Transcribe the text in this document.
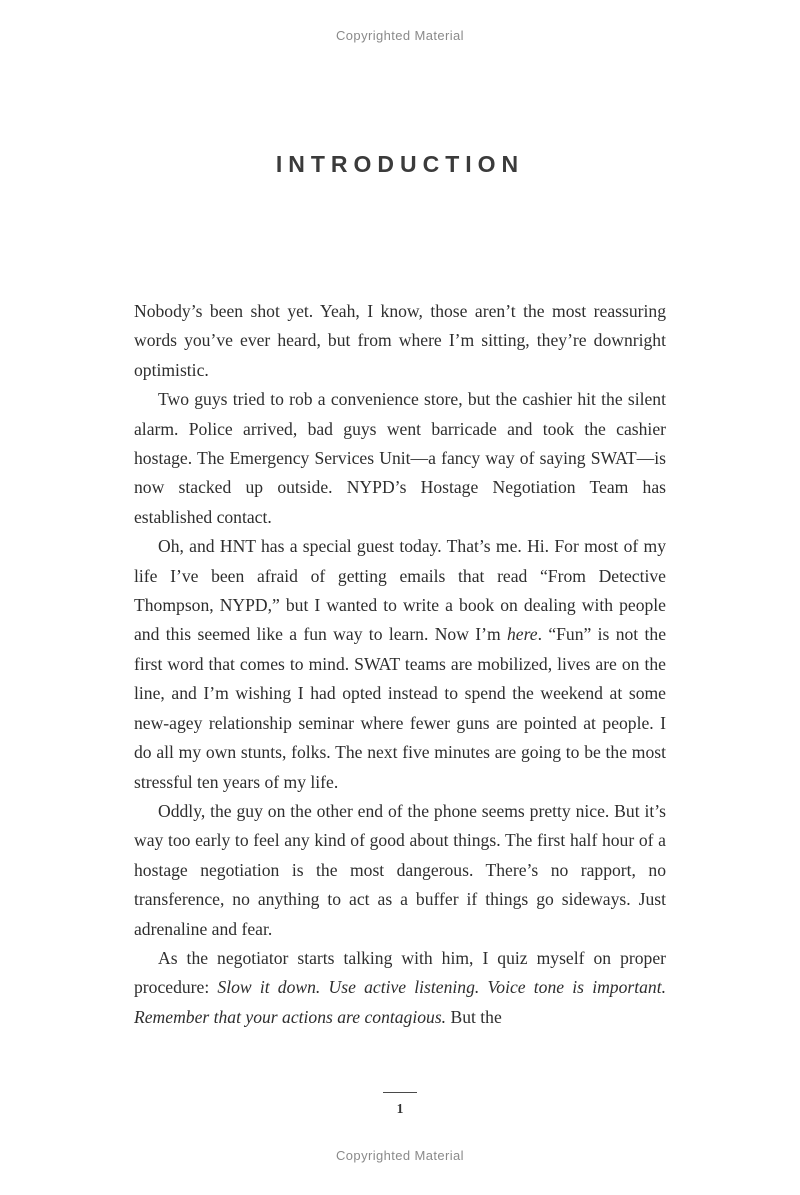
Copyrighted Material
INTRODUCTION

Nobody’s been shot yet. Yeah, I know, those aren’t the most reassuring words you’ve ever heard, but from where I’m sitting, they’re downright optimistic.

Two guys tried to rob a convenience store, but the cashier hit the silent alarm. Police arrived, bad guys went barricade and took the cashier hostage. The Emergency Services Unit—a fancy way of saying SWAT—is now stacked up outside. NYPD’s Hostage Negotiation Team has established contact.

Oh, and HNT has a special guest today. That’s me. Hi. For most of my life I’ve been afraid of getting emails that read “From Detective Thompson, NYPD,” but I wanted to write a book on dealing with people and this seemed like a fun way to learn. Now I’m here. “Fun” is not the first word that comes to mind. SWAT teams are mobilized, lives are on the line, and I’m wishing I had opted instead to spend the weekend at some new-agey relationship seminar where fewer guns are pointed at people. I do all my own stunts, folks. The next five minutes are going to be the most stressful ten years of my life.

Oddly, the guy on the other end of the phone seems pretty nice. But it’s way too early to feel any kind of good about things. The first half hour of a hostage negotiation is the most dangerous. There’s no rapport, no transference, no anything to act as a buffer if things go sideways. Just adrenaline and fear.

As the negotiator starts talking with him, I quiz myself on proper procedure: Slow it down. Use active listening. Voice tone is important. Remember that your actions are contagious. But the

1
Copyrighted Material
